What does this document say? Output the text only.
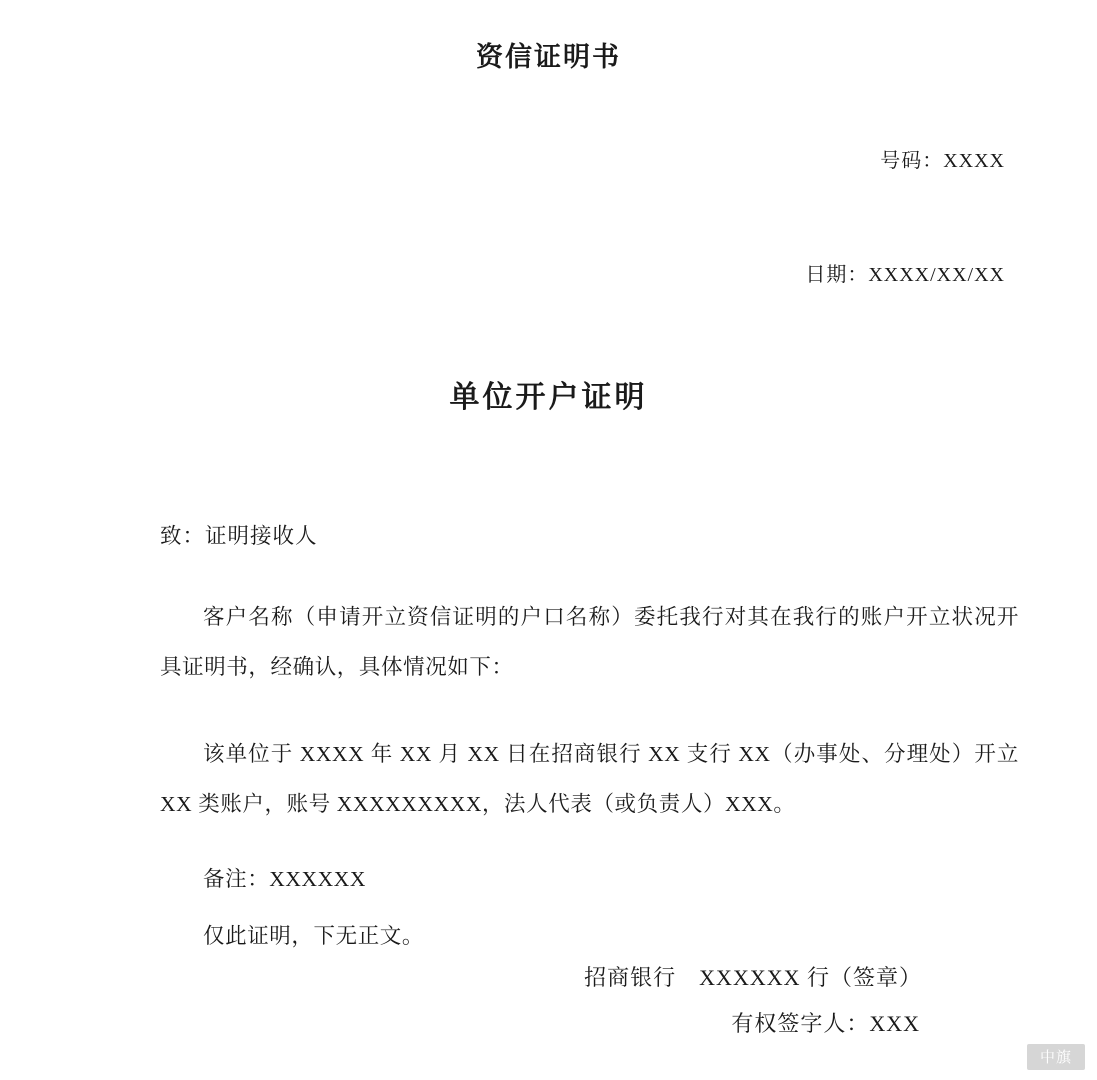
资信证明书

号码：XXXX

日期：XXXX/XX/XX

单位开户证明

致：证明接收人

客户名称（申请开立资信证明的户口名称）委托我行对其在我行的账户开立状况开具证明书，经确认，具体情况如下：

该单位于 XXXX 年 XX 月 XX 日在招商银行 XX 支行 XX（办事处、分理处）开立 XX 类账户，账号 XXXXXXXXX，法人代表（或负责人）XXX。

备注：XXXXXX

仅此证明，下无正文。

招商银行　XXXXXX 行（签章）
有权签字人：XXX
中旗
